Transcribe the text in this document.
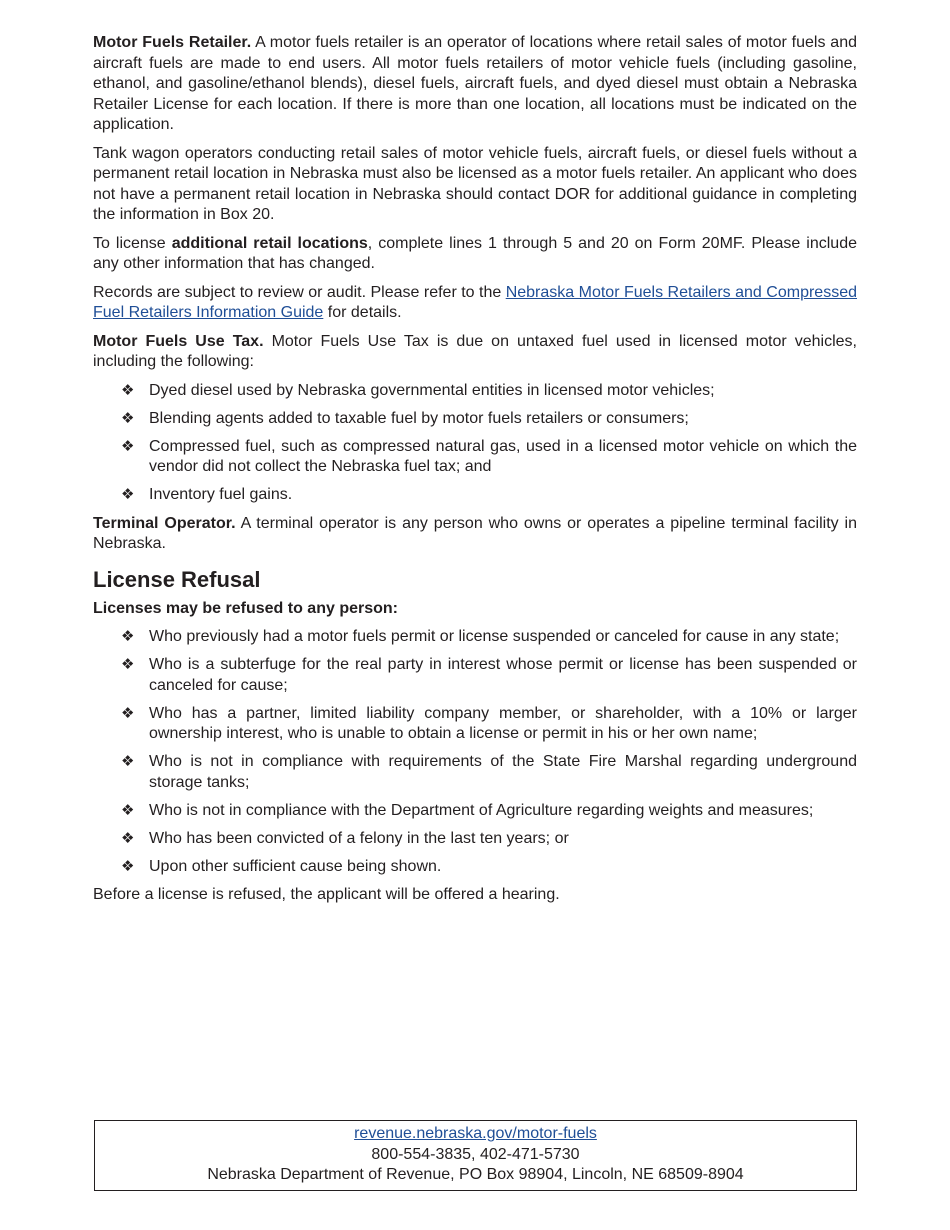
Motor Fuels Retailer. A motor fuels retailer is an operator of locations where retail sales of motor fuels and aircraft fuels are made to end users. All motor fuels retailers of motor vehicle fuels (including gasoline, ethanol, and gasoline/ethanol blends), diesel fuels, aircraft fuels, and dyed diesel must obtain a Nebraska Retailer License for each location. If there is more than one location, all locations must be indicated on the application.

Tank wagon operators conducting retail sales of motor vehicle fuels, aircraft fuels, or diesel fuels without a permanent retail location in Nebraska must also be licensed as a motor fuels retailer. An applicant who does not have a permanent retail location in Nebraska should contact DOR for additional guidance in completing the information in Box 20.

To license additional retail locations, complete lines 1 through 5 and 20 on Form 20MF. Please include any other information that has changed.

Records are subject to review or audit. Please refer to the Nebraska Motor Fuels Retailers and Compressed Fuel Retailers Information Guide for details.

Motor Fuels Use Tax. Motor Fuels Use Tax is due on untaxed fuel used in licensed motor vehicles, including the following:

❖ Dyed diesel used by Nebraska governmental entities in licensed motor vehicles;
❖ Blending agents added to taxable fuel by motor fuels retailers or consumers;
❖ Compressed fuel, such as compressed natural gas, used in a licensed motor vehicle on which the vendor did not collect the Nebraska fuel tax; and
❖ Inventory fuel gains.

Terminal Operator. A terminal operator is any person who owns or operates a pipeline terminal facility in Nebraska.

License Refusal

Licenses may be refused to any person:

❖ Who previously had a motor fuels permit or license suspended or canceled for cause in any state;
❖ Who is a subterfuge for the real party in interest whose permit or license has been suspended or canceled for cause;
❖ Who has a partner, limited liability company member, or shareholder, with a 10% or larger ownership interest, who is unable to obtain a license or permit in his or her own name;
❖ Who is not in compliance with requirements of the State Fire Marshal regarding underground storage tanks;
❖ Who is not in compliance with the Department of Agriculture regarding weights and measures;
❖ Who has been convicted of a felony in the last ten years; or
❖ Upon other sufficient cause being shown.

Before a license is refused, the applicant will be offered a hearing.

revenue.nebraska.gov/motor-fuels
800-554-3835, 402-471-5730
Nebraska Department of Revenue, PO Box 98904, Lincoln, NE 68509-8904
